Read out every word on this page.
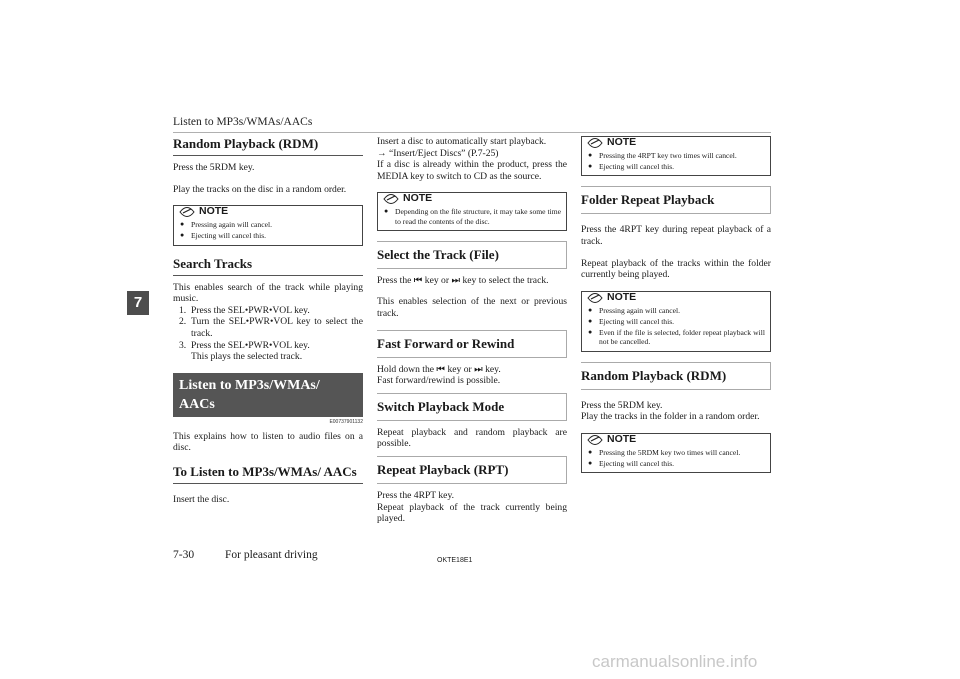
Listen to MP3s/WMAs/AACs
7
Random Playback (RDM)

Press the 5RDM key.

Play the tracks on the disc in a random order.

NOTE
● Pressing again will cancel.
● Ejecting will cancel this.
Search Tracks

This enables search of the track while playing music.

1. Press the SEL•PWR•VOL key.
2. Turn the SEL•PWR•VOL key to select the track.
3. Press the SEL•PWR•VOL key.
This plays the selected track.
Listen to MP3s/WMAs/ AACs
E00737901132

This explains how to listen to audio files on a disc.

To Listen to MP3s/WMAs/ AACs

Insert the disc.

Insert a disc to automatically start playback.

→ “Insert/Eject Discs” (P.7-25)

If a disc is already within the product, press the MEDIA key to switch to CD as the source.

NOTE
● Depending on the file structure, it may take some time to read the contents of the disc.
Select the Track (File)

Press the ⏮ key or ⏭ key to select the track.

This enables selection of the next or previous track.

Fast Forward or Rewind

Hold down the ⏮ key or ⏭ key.

Fast forward/rewind is possible.

Switch Playback Mode

Repeat playback and random playback are possible.

Repeat Playback (RPT)

Press the 4RPT key.

Repeat playback of the track currently being played.

NOTE
● Pressing the 4RPT key two times will cancel.
● Ejecting will cancel this.
Folder Repeat Playback

Press the 4RPT key during repeat playback of a track.

Repeat playback of the tracks within the folder currently being played.

NOTE
● Pressing again will cancel.
● Ejecting will cancel this.
● Even if the file is selected, folder repeat playback will not be cancelled.
Random Playback (RDM)

Press the 5RDM key.

Play the tracks in the folder in a random order.

NOTE
● Pressing the 5RDM key two times will cancel.
● Ejecting will cancel this.
7-30	For pleasant driving	OKTE18E1
carmanualsonline.info
